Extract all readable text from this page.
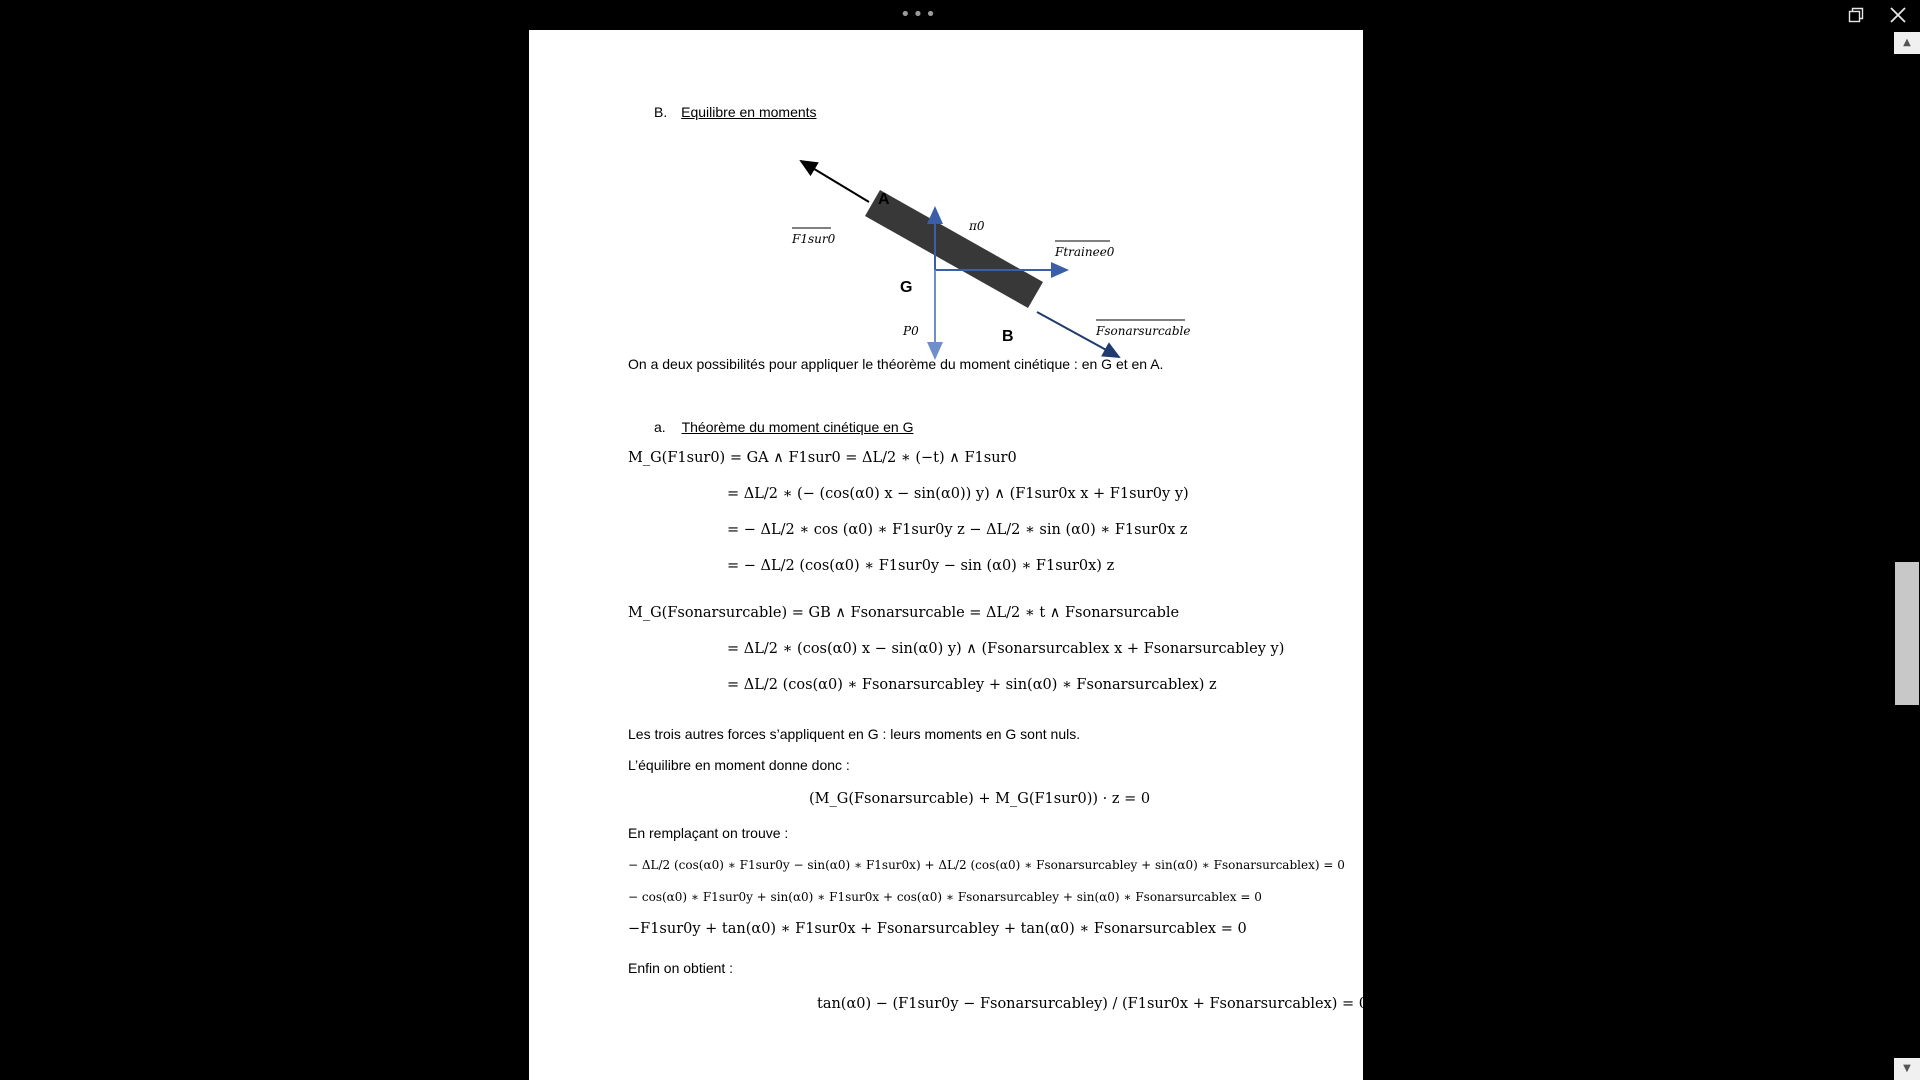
•••
▲
▼
B. Equilibre en moments
A
G
B
F1sur0
π0
Ftrainee0
P0	Fsonarsurcable
On a deux possibilités pour appliquer le théorème du moment cinétique : en G et en A.
a. Théorème du moment cinétique en G
M_G(F1sur0) = GA ∧ F1sur0 = ΔL/2 ∗ (−t) ∧ F1sur0
= ΔL/2 ∗ (− (cos(α0) x − sin(α0)) y) ∧ (F1sur0x x + F1sur0y y)
= − ΔL/2 ∗ cos (α0) ∗ F1sur0y z − ΔL/2 ∗ sin (α0) ∗ F1sur0x z
= − ΔL/2 (cos(α0) ∗ F1sur0y − sin (α0) ∗ F1sur0x) z
M_G(Fsonarsurcable) = GB ∧ Fsonarsurcable = ΔL/2 ∗ t ∧ Fsonarsurcable
= ΔL/2 ∗ (cos(α0) x − sin(α0) y) ∧ (Fsonarsurcablex x + Fsonarsurcabley y)
= ΔL/2 (cos(α0) ∗ Fsonarsurcabley + sin(α0) ∗ Fsonarsurcablex) z
Les trois autres forces s’appliquent en G : leurs moments en G sont nuls.
L’équilibre en moment donne donc :
(M_G(Fsonarsurcable) + M_G(F1sur0)) · z = 0
En remplaçant on trouve :
− ΔL/2 (cos(α0) ∗ F1sur0y − sin(α0) ∗ F1sur0x) + ΔL/2 (cos(α0) ∗ Fsonarsurcabley + sin(α0) ∗ Fsonarsurcablex) = 0
− cos(α0) ∗ F1sur0y + sin(α0) ∗ F1sur0x + cos(α0) ∗ Fsonarsurcabley + sin(α0) ∗ Fsonarsurcablex = 0
−F1sur0y + tan(α0) ∗ F1sur0x + Fsonarsurcabley + tan(α0) ∗ Fsonarsurcablex = 0
Enfin on obtient :
tan(α0) − (F1sur0y − Fsonarsurcabley) / (F1sur0x + Fsonarsurcablex) = 0
